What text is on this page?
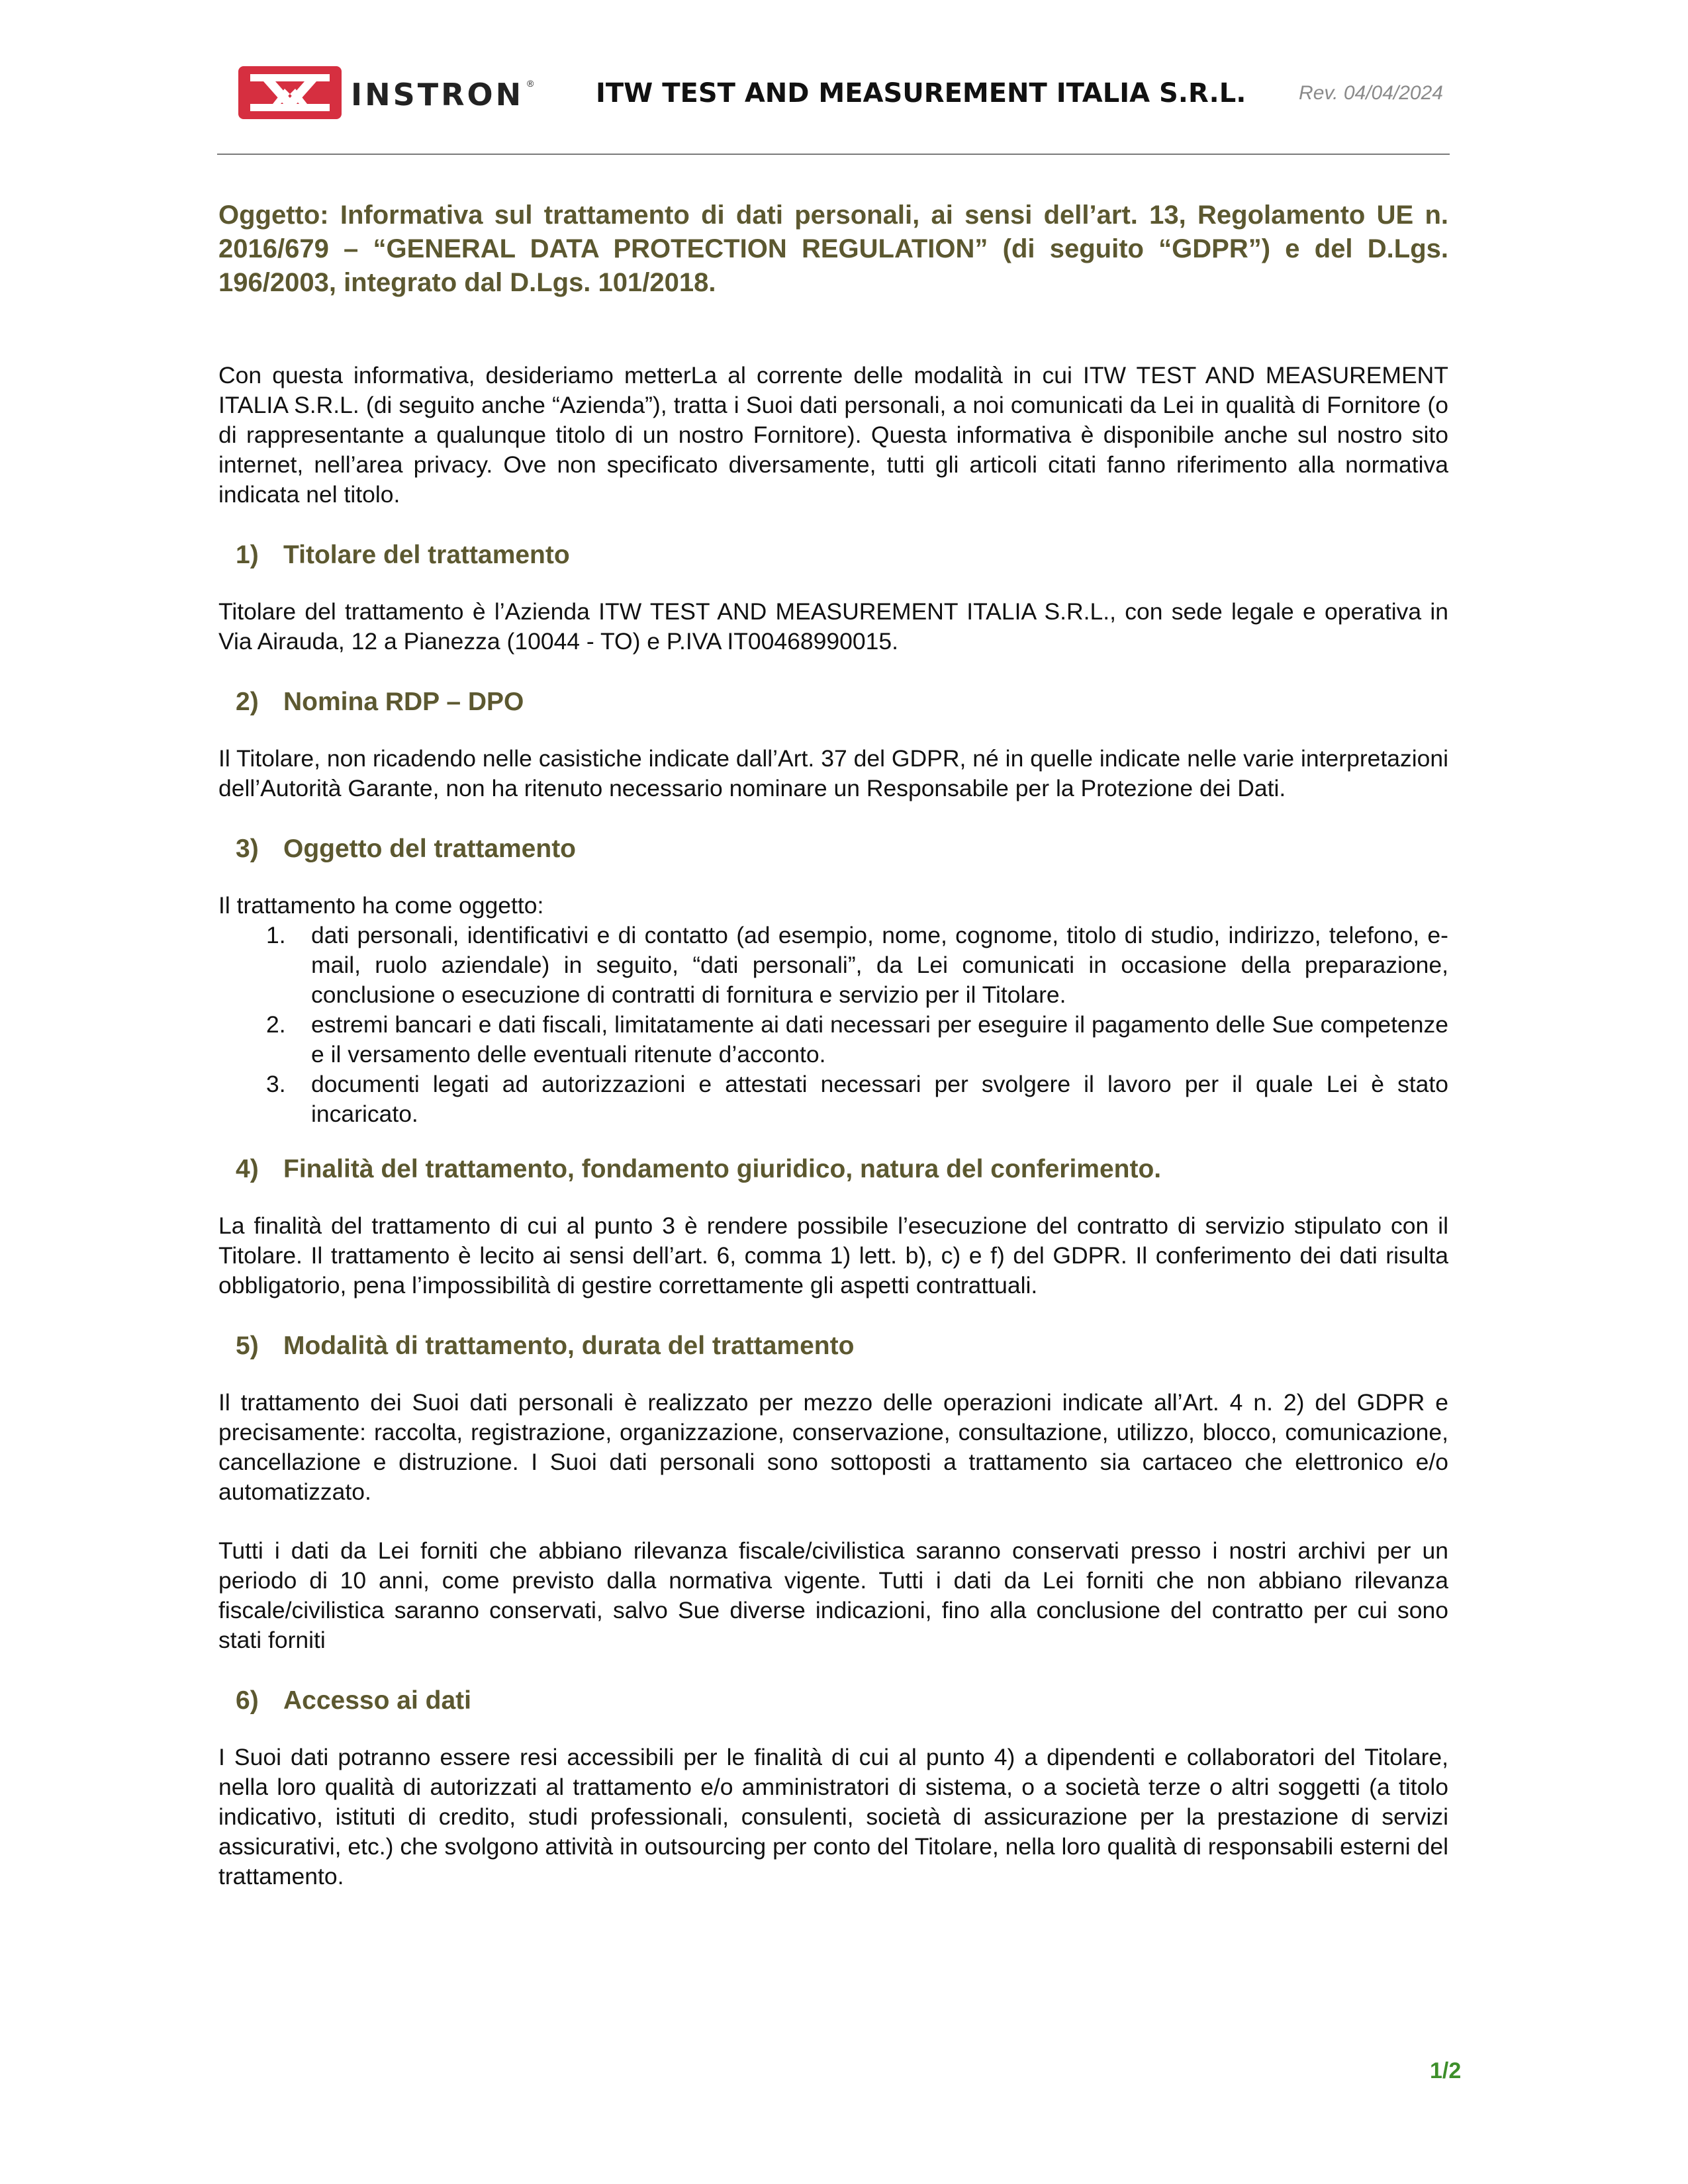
INSTRON ® ITW TEST AND MEASUREMENT ITALIA S.R.L.	Rev. 04/04/2024
Oggetto: Informativa sul trattamento di dati personali, ai sensi dell’art. 13, Regolamento UE n. 2016/679 – “GENERAL DATA PROTECTION REGULATION” (di seguito “GDPR”) e del D.Lgs. 196/2003, integrato dal D.Lgs. 101/2018.

Con questa informativa, desideriamo metterLa al corrente delle modalità in cui ITW TEST AND MEASUREMENT ITALIA S.R.L. (di seguito anche “Azienda”), tratta i Suoi dati personali, a noi comunicati da Lei in qualità di Fornitore (o di rappresentante a qualunque titolo di un nostro Fornitore). Questa informativa è disponibile anche sul nostro sito internet, nell’area privacy. Ove non specificato diversamente, tutti gli articoli citati fanno riferimento alla normativa indicata nel titolo.

1) Titolare del trattamento

Titolare del trattamento è l’Azienda ITW TEST AND MEASUREMENT ITALIA S.R.L., con sede legale e operativa in Via Airauda, 12 a Pianezza (10044 - TO) e P.IVA IT00468990015.

2) Nomina RDP – DPO

Il Titolare, non ricadendo nelle casistiche indicate dall’Art. 37 del GDPR, né in quelle indicate nelle varie interpretazioni dell’Autorità Garante, non ha ritenuto necessario nominare un Responsabile per la Protezione dei Dati.

3) Oggetto del trattamento

Il trattamento ha come oggetto:

1. dati personali, identificativi e di contatto (ad esempio, nome, cognome, titolo di studio, indirizzo, telefono, e-mail, ruolo aziendale) in seguito, “dati personali”, da Lei comunicati in occasione della preparazione, conclusione o esecuzione di contratti di fornitura e servizio per il Titolare.
2. estremi bancari e dati fiscali, limitatamente ai dati necessari per eseguire il pagamento delle Sue competenze e il versamento delle eventuali ritenute d’acconto.
3. documenti legati ad autorizzazioni e attestati necessari per svolgere il lavoro per il quale Lei è stato incaricato.
4) Finalità del trattamento, fondamento giuridico, natura del conferimento.

La finalità del trattamento di cui al punto 3 è rendere possibile l’esecuzione del contratto di servizio stipulato con il Titolare. Il trattamento è lecito ai sensi dell’art. 6, comma 1) lett. b), c) e f) del GDPR. Il conferimento dei dati risulta obbligatorio, pena l’impossibilità di gestire correttamente gli aspetti contrattuali.

5) Modalità di trattamento, durata del trattamento

Il trattamento dei Suoi dati personali è realizzato per mezzo delle operazioni indicate all’Art. 4 n. 2) del GDPR e precisamente: raccolta, registrazione, organizzazione, conservazione, consultazione, utilizzo, blocco, comunicazione, cancellazione e distruzione. I Suoi dati personali sono sottoposti a trattamento sia cartaceo che elettronico e/o automatizzato.

Tutti i dati da Lei forniti che abbiano rilevanza fiscale/civilistica saranno conservati presso i nostri archivi per un periodo di 10 anni, come previsto dalla normativa vigente. Tutti i dati da Lei forniti che non abbiano rilevanza fiscale/civilistica saranno conservati, salvo Sue diverse indicazioni, fino alla conclusione del contratto per cui sono stati forniti

6) Accesso ai dati

I Suoi dati potranno essere resi accessibili per le finalità di cui al punto 4) a dipendenti e collaboratori del Titolare, nella loro qualità di autorizzati al trattamento e/o amministratori di sistema, o a società terze o altri soggetti (a titolo indicativo, istituti di credito, studi professionali, consulenti, società di assicurazione per la prestazione di servizi assicurativi, etc.) che svolgono attività in outsourcing per conto del Titolare, nella loro qualità di responsabili esterni del trattamento.

1/2
